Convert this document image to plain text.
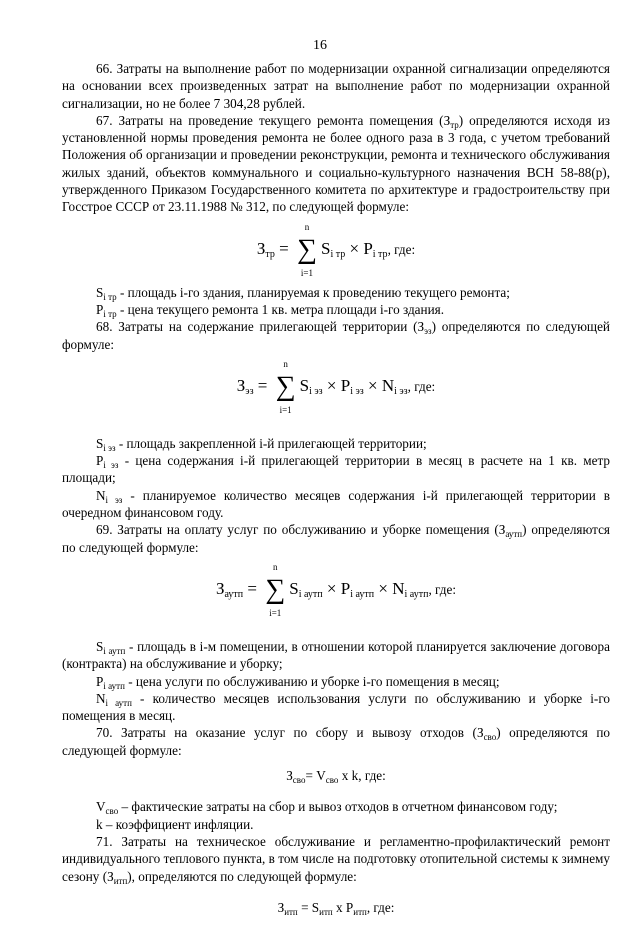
16

66. Затраты на выполнение работ по модернизации охранной сигнализации определяются на основании всех произведенных затрат на выполнение работ по модернизации охранной сигнализации, но не более 7 304,28 рублей.

67. Затраты на проведение текущего ремонта помещения $(З_{тр})$ определяются исходя из установленной нормы проведения ремонта не более одного раза в 3 года, с учетом требований Положения об организации и проведении реконструкции, ремонта и технического обслуживания жилых зданий, объектов коммунального и социально-культурного назначения ВСН 58-88(р), утвержденного Приказом Государственного комитета по архитектуре и градостроительству при Госстрое СССР от 23.11.1988 № 312, по следующей формуле:

$З_{тр}$ =
n
∑
i=1
$S_{i тр} \times P_{i тр}$, где:

$S_{i тр}$ - площадь i-го здания, планируемая к проведению текущего ремонта;

$P_{i тр}$ - цена текущего ремонта 1 кв. метра площади i-го здания.

68. Затраты на содержание прилегающей территории $(З_{эз})$ определяются по следующей формуле:

$З_{эз}$ =
n
∑
i=1
$S_{i эз} \times P_{i эз} \times N_{i эз}$, где:

$S_{i эз}$ - площадь закрепленной i-й прилегающей территории;

$P_{i эз}$ - цена содержания i-й прилегающей территории в месяц в расчете на 1 кв. метр площади;

$N_{i эз}$ - планируемое количество месяцев содержания i-й прилегающей территории в очередном финансовом году.

69. Затраты на оплату услуг по обслуживанию и уборке помещения $(З_{аутп})$ определяются по следующей формуле:

$З_{аутп}$ =
n
∑
i=1
$S_{i аутп} \times P_{i аутп} \times N_{i аутп}$, где:

$S_{i аутп}$ - площадь в i-м помещении, в отношении которой планируется заключение договора (контракта) на обслуживание и уборку;

$P_{i аутп}$ - цена услуги по обслуживанию и уборке i-го помещения в месяц;

$N_{i аутп}$ - количество месяцев использования услуги по обслуживанию и уборке i-го помещения в месяц.

70. Затраты на оказание услуг по сбору и вывозу отходов $(З_{сво})$ определяются по следующей формуле:

$З_{сво}= V_{сво}$ х k, где:

$V_{сво}$ – фактические затраты на сбор и вывоз отходов в отчетном финансовом году;

k – коэффициент инфляции.

71. Затраты на техническое обслуживание и регламентно-профилактический ремонт индивидуального теплового пункта, в том числе на подготовку отопительной системы к зимнему сезону $(З_{итп})$, определяются по следующей формуле:

$З_{итп} = S_{итп}$ х $P_{итп}$, где:
